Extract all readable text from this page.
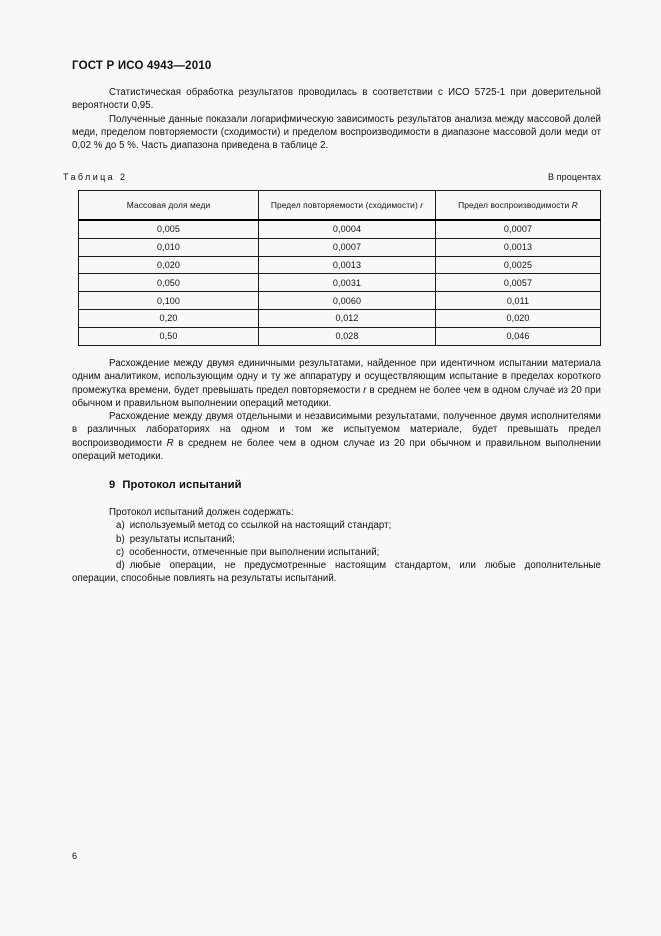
ГОСТ Р ИСО 4943—2010

Статистическая обработка результатов проводилась в соответствии с ИСО 5725-1 при доверительной вероятности 0,95.

Полученные данные показали логарифмическую зависимость результатов анализа между массовой долей меди, пределом повторяемости (сходимости) и пределом воспроизводимости в диапазоне массовой доли меди от 0,02 % до 5 %. Часть диапазона приведена в таблице 2.

Таблица 2	В процентах
Массовая доля меди	Предел повторяемости (сходимости) r	Предел воспроизводимости R
0,005	0,0004	0,0007
0,010	0,0007	0,0013
0,020	0,0013	0,0025
0,050	0,0031	0,0057
0,100	0,0060	0,011
0,20	0,012	0,020
0,50	0,028	0,046

Расхождение между двумя единичными результатами, найденное при идентичном испытании материала одним аналитиком, использующим одну и ту же аппаратуру и осуществляющим испытание в пределах короткого промежутка времени, будет превышать предел повторяемости r в среднем не более чем в одном случае из 20 при обычном и правильном выполнении операций методики.

Расхождение между двумя отдельными и независимыми результатами, полученное двумя исполнителями в различных лабораториях на одном и том же испытуемом материале, будет превышать предел воспроизводимости R в среднем не более чем в одном случае из 20 при обычном и правильном выполнении операций методики.

9 Протокол испытаний

Протокол испытаний должен содержать:

a) используемый метод со ссылкой на настоящий стандарт;

b) результаты испытаний;

c) особенности, отмеченные при выполнении испытаний;

d) любые операции, не предусмотренные настоящим стандартом, или любые дополнительные операции, способные повлиять на результаты испытаний.

6
